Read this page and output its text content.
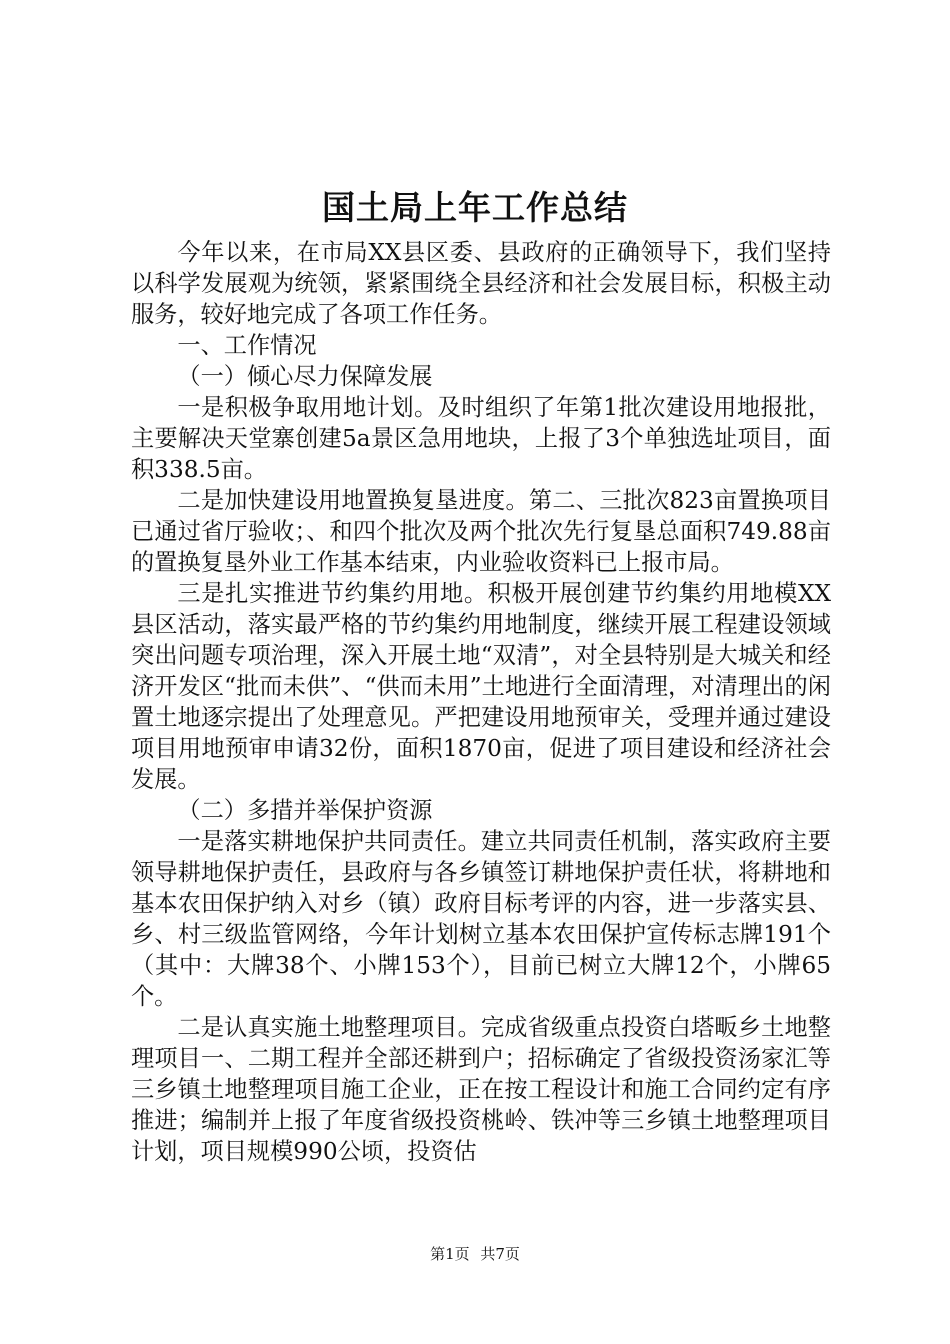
国土局上年工作总结

今年以来，在市局XX县区委、县政府的正确领导下，我们坚持以科学发展观为统领，紧紧围绕全县经济和社会发展目标，积极主动服务，较好地完成了各项工作任务。

一、工作情况

（一）倾心尽力保障发展

一是积极争取用地计划。及时组织了年第1批次建设用地报批，主要解决天堂寨创建5a景区急用地块，上报了3个单独选址项目，面积338.5亩。

二是加快建设用地置换复垦进度。第二、三批次823亩置换项目已通过省厅验收；、和四个批次及两个批次先行复垦总面积749.88亩的置换复垦外业工作基本结束，内业验收资料已上报市局。

三是扎实推进节约集约用地。积极开展创建节约集约用地模XX县区活动，落实最严格的节约集约用地制度，继续开展工程建设领域突出问题专项治理，深入开展土地“双清”，对全县特别是大城关和经济开发区“批而未供”、“供而未用”土地进行全面清理，对清理出的闲置土地逐宗提出了处理意见。严把建设用地预审关，受理并通过建设项目用地预审申请32份，面积1870亩，促进了项目建设和经济社会发展。

（二）多措并举保护资源

一是落实耕地保护共同责任。建立共同责任机制，落实政府主要领导耕地保护责任，县政府与各乡镇签订耕地保护责任状，将耕地和基本农田保护纳入对乡（镇）政府目标考评的内容，进一步落实县、乡、村三级监管网络，今年计划树立基本农田保护宣传标志牌191个（其中：大牌38个、小牌153个），目前已树立大牌12个，小牌65个。

二是认真实施土地整理项目。完成省级重点投资白塔畈乡土地整理项目一、二期工程并全部还耕到户；招标确定了省级投资汤家汇等三乡镇土地整理项目施工企业，正在按工程设计和施工合同约定有序推进；编制并上报了年度省级投资桃岭、铁冲等三乡镇土地整理项目计划，项目规模990公顷，投资估

第1页 共7页
